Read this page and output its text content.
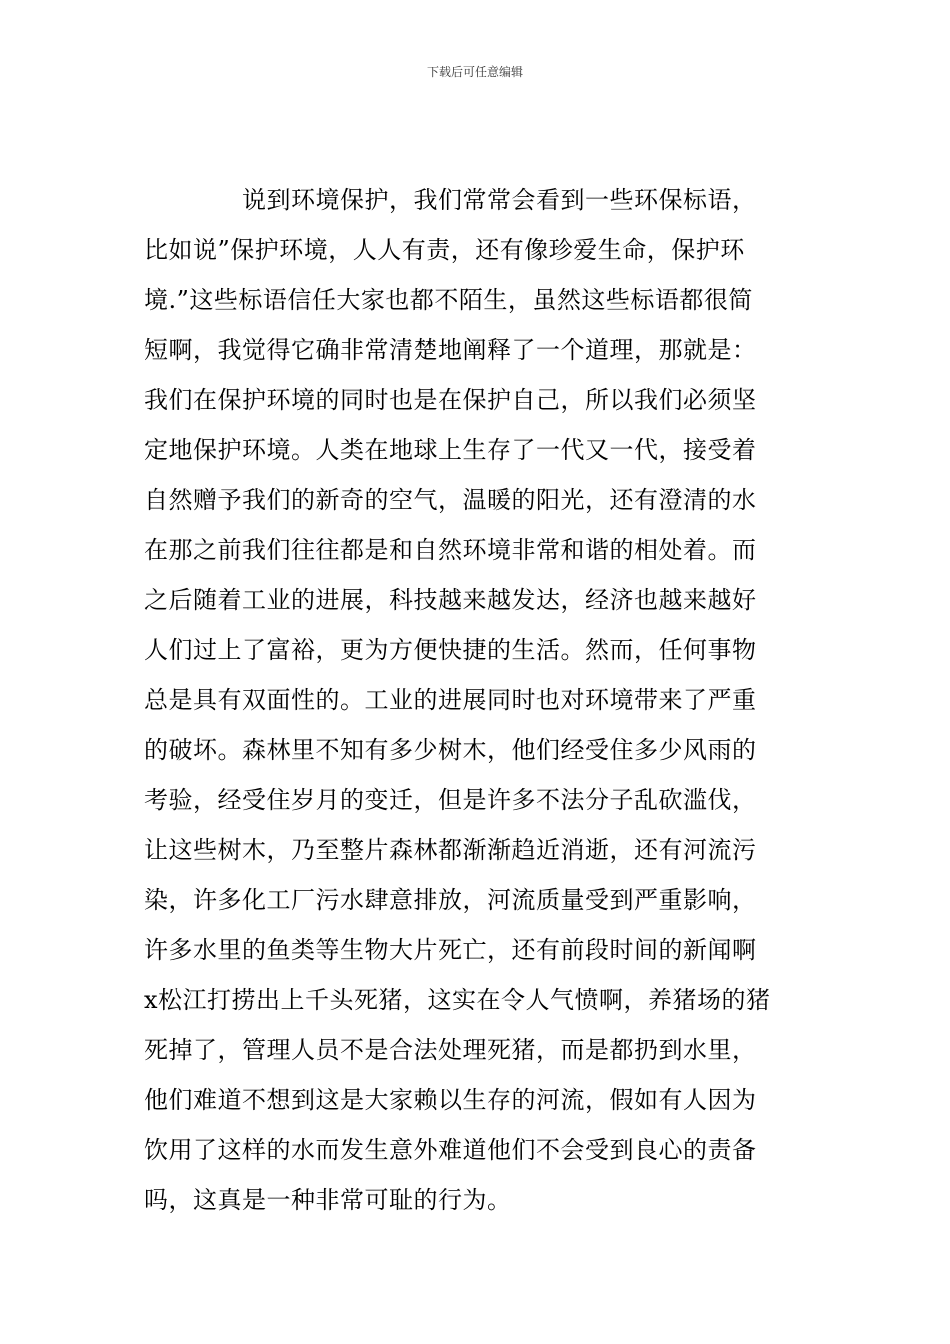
下载后可任意编辑
　　　　说到环境保护，我们常常会看到一些环保标语，
比如说”保护环境，人人有责，还有像珍爱生命，保护环
境.”这些标语信任大家也都不陌生，虽然这些标语都很简
短啊，我觉得它确非常清楚地阐释了一个道理，那就是：
我们在保护环境的同时也是在保护自己，所以我们必须坚
定地保护环境。人类在地球上生存了一代又一代，接受着
自然赠予我们的新奇的空气，温暖的阳光，还有澄清的水
在那之前我们往往都是和自然环境非常和谐的相处着。而
之后随着工业的进展，科技越来越发达，经济也越来越好
人们过上了富裕，更为方便快捷的生活。然而，任何事物
总是具有双面性的。工业的进展同时也对环境带来了严重
的破坏。森林里不知有多少树木，他们经受住多少风雨的
考验，经受住岁月的变迁，但是许多不法分子乱砍滥伐，
让这些树木，乃至整片森林都渐渐趋近消逝，还有河流污
染，许多化工厂污水肆意排放，河流质量受到严重影响，
许多水里的鱼类等生物大片死亡，还有前段时间的新闻啊
x松江打捞出上千头死猪，这实在令人气愤啊，养猪场的猪
死掉了，管理人员不是合法处理死猪，而是都扔到水里，
他们难道不想到这是大家赖以生存的河流，假如有人因为
饮用了这样的水而发生意外难道他们不会受到良心的责备
吗，这真是一种非常可耻的行为。
